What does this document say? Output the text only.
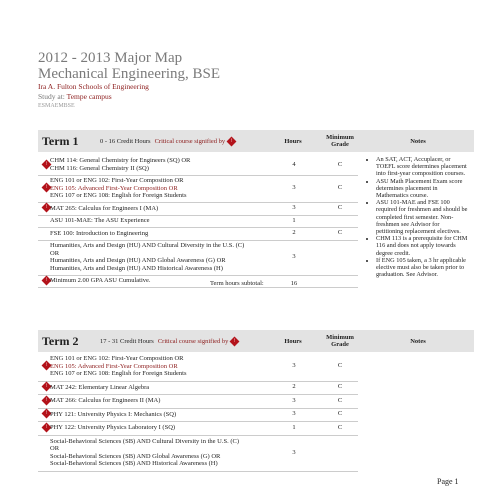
2012 - 2013 Major Map
Mechanical Engineering, BSE
Ira A. Fulton Schools of Engineering
Study at: Tempe campus
ESMAEMBSE
Term 1	0 - 16 Credit Hours Critical course signified by	!	Hours	Minimum Grade	Notes
! CHM 114: General Chemistry for Engineers (SQ) OR
CHM 116: General Chemistry II (SQ)
4	C
!
ENG 101 or ENG 102: First-Year Composition OR
ENG 105: Advanced First-Year Composition OR
ENG 107 or ENG 108: English for Foreign Students
3	C
! MAT 265: Calculus for Engineers I (MA)	3	C
ASU 101-MAE: The ASU Experience	1
FSE 100: Introduction to Engineering	2	C
Humanities, Arts and Design (HU) AND Cultural Diversity in the U.S. (C)
OR
Humanities, Arts and Design (HU) AND Global Awareness (G) OR
Humanities, Arts and Design (HU) AND Historical Awareness (H)
3
! Minimum 2.00 GPA ASU Cumulative.
• An SAT, ACT, Accuplacer, or TOEFL score determines placement into first-year composition courses.
• ASU Math Placement Exam score determines placement in Mathematics course.
• ASU 101-MAE and FSE 100 required for freshmen and should be completed first semester. Non-freshmen see Advisor for petitioning replacement electives.
• CHM 113 is a prerequisite for CHM 116 and does not apply towards degree credit.
• If ENG 105 taken, a 3 hr applicable elective must also be taken prior to graduation. See Advisor.
Term hours subtotal:	16
Term 2	17 - 31 Credit Hours Critical course signified by	!	Hours	Minimum Grade	Notes
!
ENG 101 or ENG 102: First-Year Composition OR
ENG 105: Advanced First-Year Composition OR
ENG 107 or ENG 108: English for Foreign Students
3	C
! MAT 242: Elementary Linear Algebra	2	C
! MAT 266: Calculus for Engineers II (MA)	3	C
! PHY 121: University Physics I: Mechanics (SQ)	3	C
! PHY 122: University Physics Laboratory I (SQ)	1	C
Social-Behavioral Sciences (SB) AND Cultural Diversity in the U.S. (C)
OR
Social-Behavioral Sciences (SB) AND Global Awareness (G) OR
Social-Behavioral Sciences (SB) AND Historical Awareness (H)
3
Page 1
